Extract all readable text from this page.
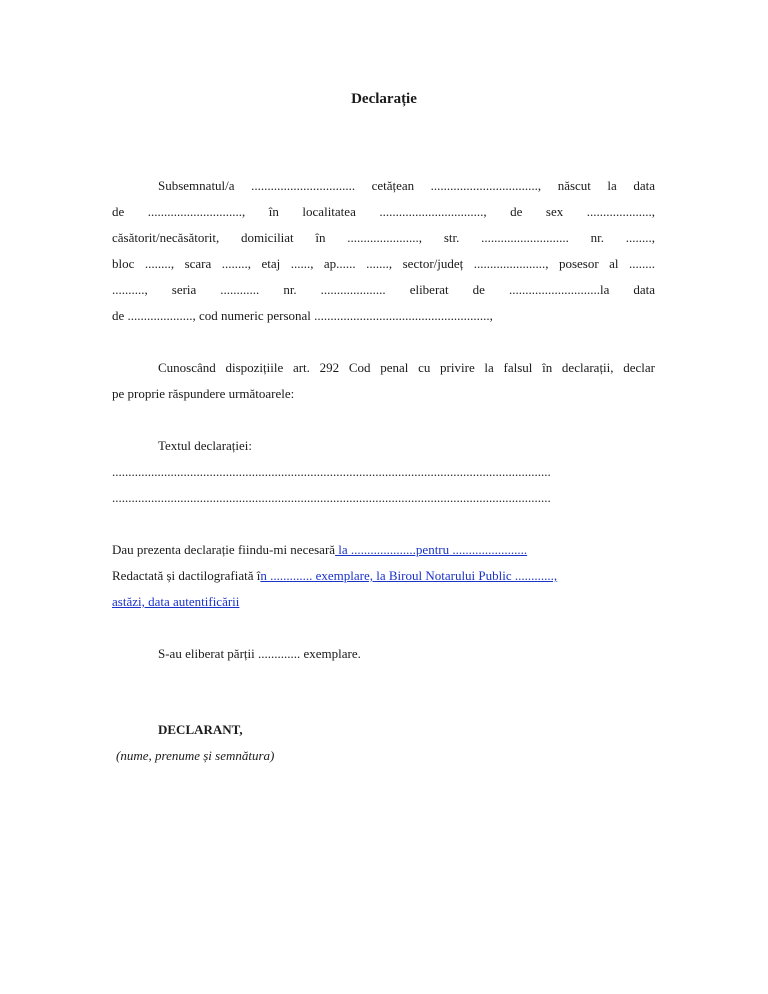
Declarație
Subsemnatul/a ................................ cetățean ................................., născut la data
de ............................., în localitatea ................................, de sex ....................,
căsătorit/necăsătorit, domiciliat în ......................, str. ........................... nr. ........,
bloc ........, scara ........, etaj ......, ap...... ......., sector/județ ......................, posesor al ........
.........., seria ............ nr. .................... eliberat de ............................la data
de ...................., cod numeric personal ......................................................,
Cunoscând dispozițiile art. 292 Cod penal cu privire la falsul în declarații, declar
pe proprie răspundere următoarele:
Textul declarației:
.......................................................................................................................................
.......................................................................................................................................
Dau prezenta declarație fiindu-mi necesară la ....................pentru .......................
Redactată și dactilografiată în ............. exemplare, la Biroul Notarului Public ............,
astăzi, data autentificării
S-au eliberat părții ............. exemplare.
DECLARANT,
(nume, prenume și semnătura)
